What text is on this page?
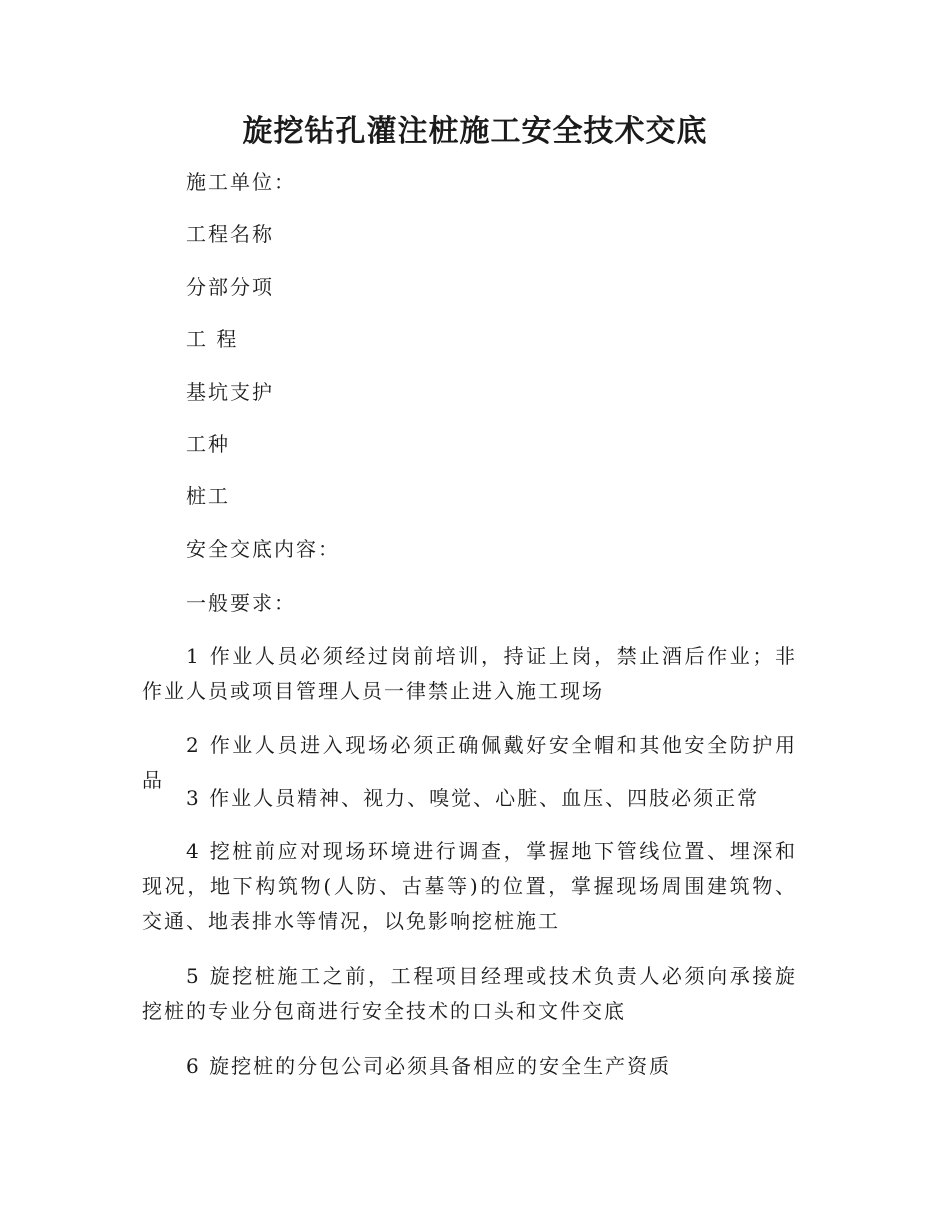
旋挖钻孔灌注桩施工安全技术交底
施工单位：
工程名称
分部分项
工 程
基坑支护
工种
桩工
安全交底内容：
一般要求：
1 作业人员必须经过岗前培训，持证上岗，禁止酒后作业；非作业人员或项目管理人员一律禁止进入施工现场
2 作业人员进入现场必须正确佩戴好安全帽和其他安全防护用品
3 作业人员精神、视力、嗅觉、心脏、血压、四肢必须正常
4 挖桩前应对现场环境进行调查，掌握地下管线位置、埋深和现况，地下构筑物(人防、古墓等)的位置，掌握现场周围建筑物、交通、地表排水等情况，以免影响挖桩施工
5 旋挖桩施工之前，工程项目经理或技术负责人必须向承接旋挖桩的专业分包商进行安全技术的口头和文件交底
6 旋挖桩的分包公司必须具备相应的安全生产资质
